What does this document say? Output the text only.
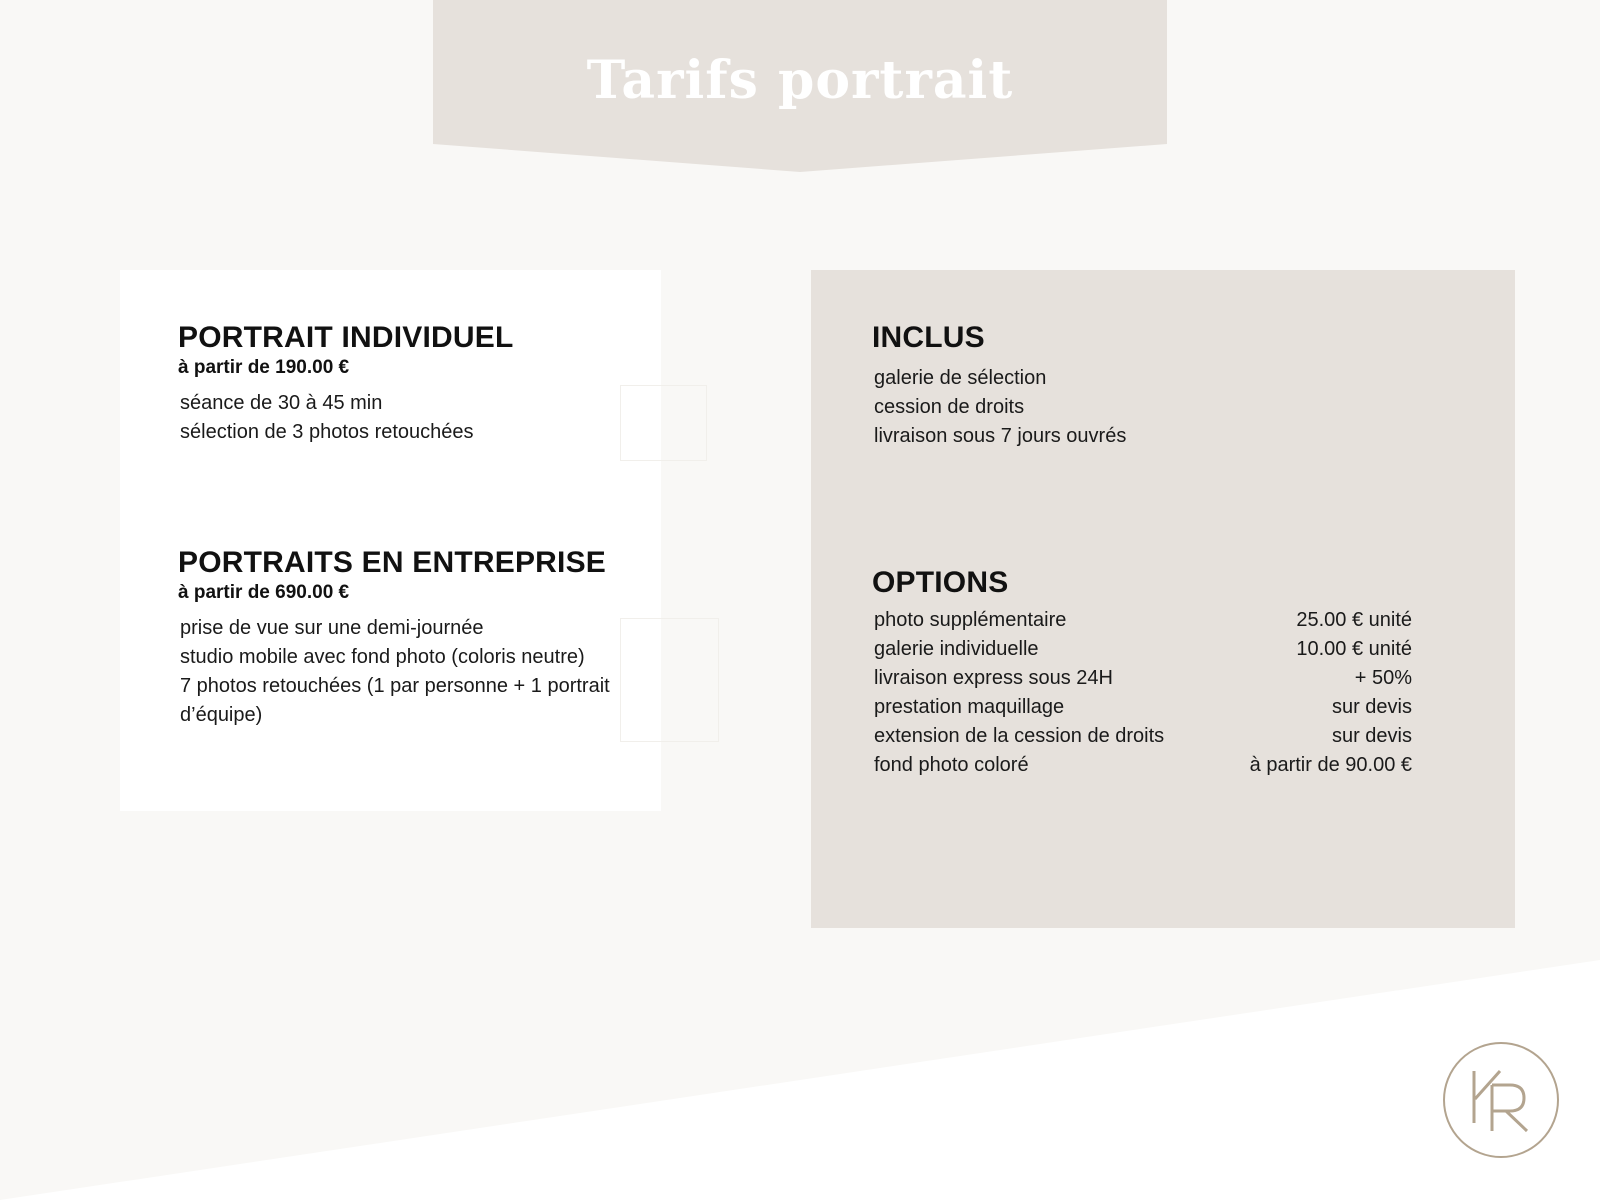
Tarifs portrait
PORTRAIT INDIVIDUEL
à partir de 190.00 €
séance de 30 à 45 min
sélection de 3 photos retouchées
PORTRAITS EN ENTREPRISE
à partir de 690.00 €
prise de vue sur une demi-journée
studio mobile avec fond photo (coloris neutre)
7 photos retouchées (1 par personne + 1 portrait d’équipe)
INCLUS
galerie de sélection
cession de droits
livraison sous 7 jours ouvrés
OPTIONS
photo supplémentaire	25.00 € unité
galerie individuelle	10.00 € unité
livraison express sous 24H	+ 50%
prestation maquillage	sur devis
extension de la cession de droits	sur devis
fond photo coloré	à partir de 90.00 €
